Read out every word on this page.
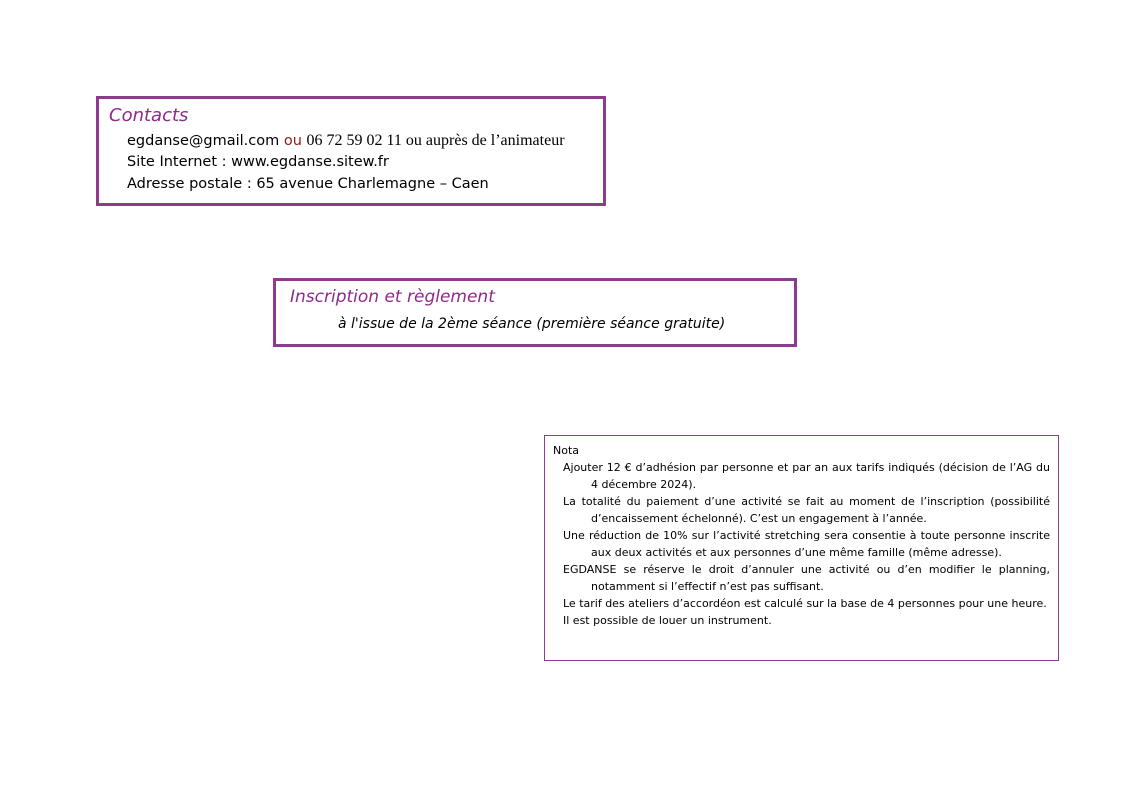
Contacts
egdanse@gmail.com ou 06 72 59 02 11 ou auprès de l’animateur
Site Internet : www.egdanse.sitew.fr
Adresse postale : 65 avenue Charlemagne – Caen
Inscription et règlement
à l'issue de la 2ème séance (première séance gratuite)
Nota
Ajouter 12 € d’adhésion par personne et par an aux tarifs indiqués (décision de l’AG du 4 décembre 2024).
La totalité du paiement d’une activité se fait au moment de l’inscription (possibilité d’encaissement échelonné). C’est un engagement à l’année.
Une réduction de 10% sur l’activité stretching sera consentie à toute personne inscrite aux deux activités et aux personnes d’une même famille (même adresse).
EGDANSE se réserve le droit d’annuler une activité ou d’en modifier le planning, notamment si l’effectif n’est pas suffisant.
Le tarif des ateliers d’accordéon est calculé sur la base de 4 personnes pour une heure.
Il est possible de louer un instrument.
